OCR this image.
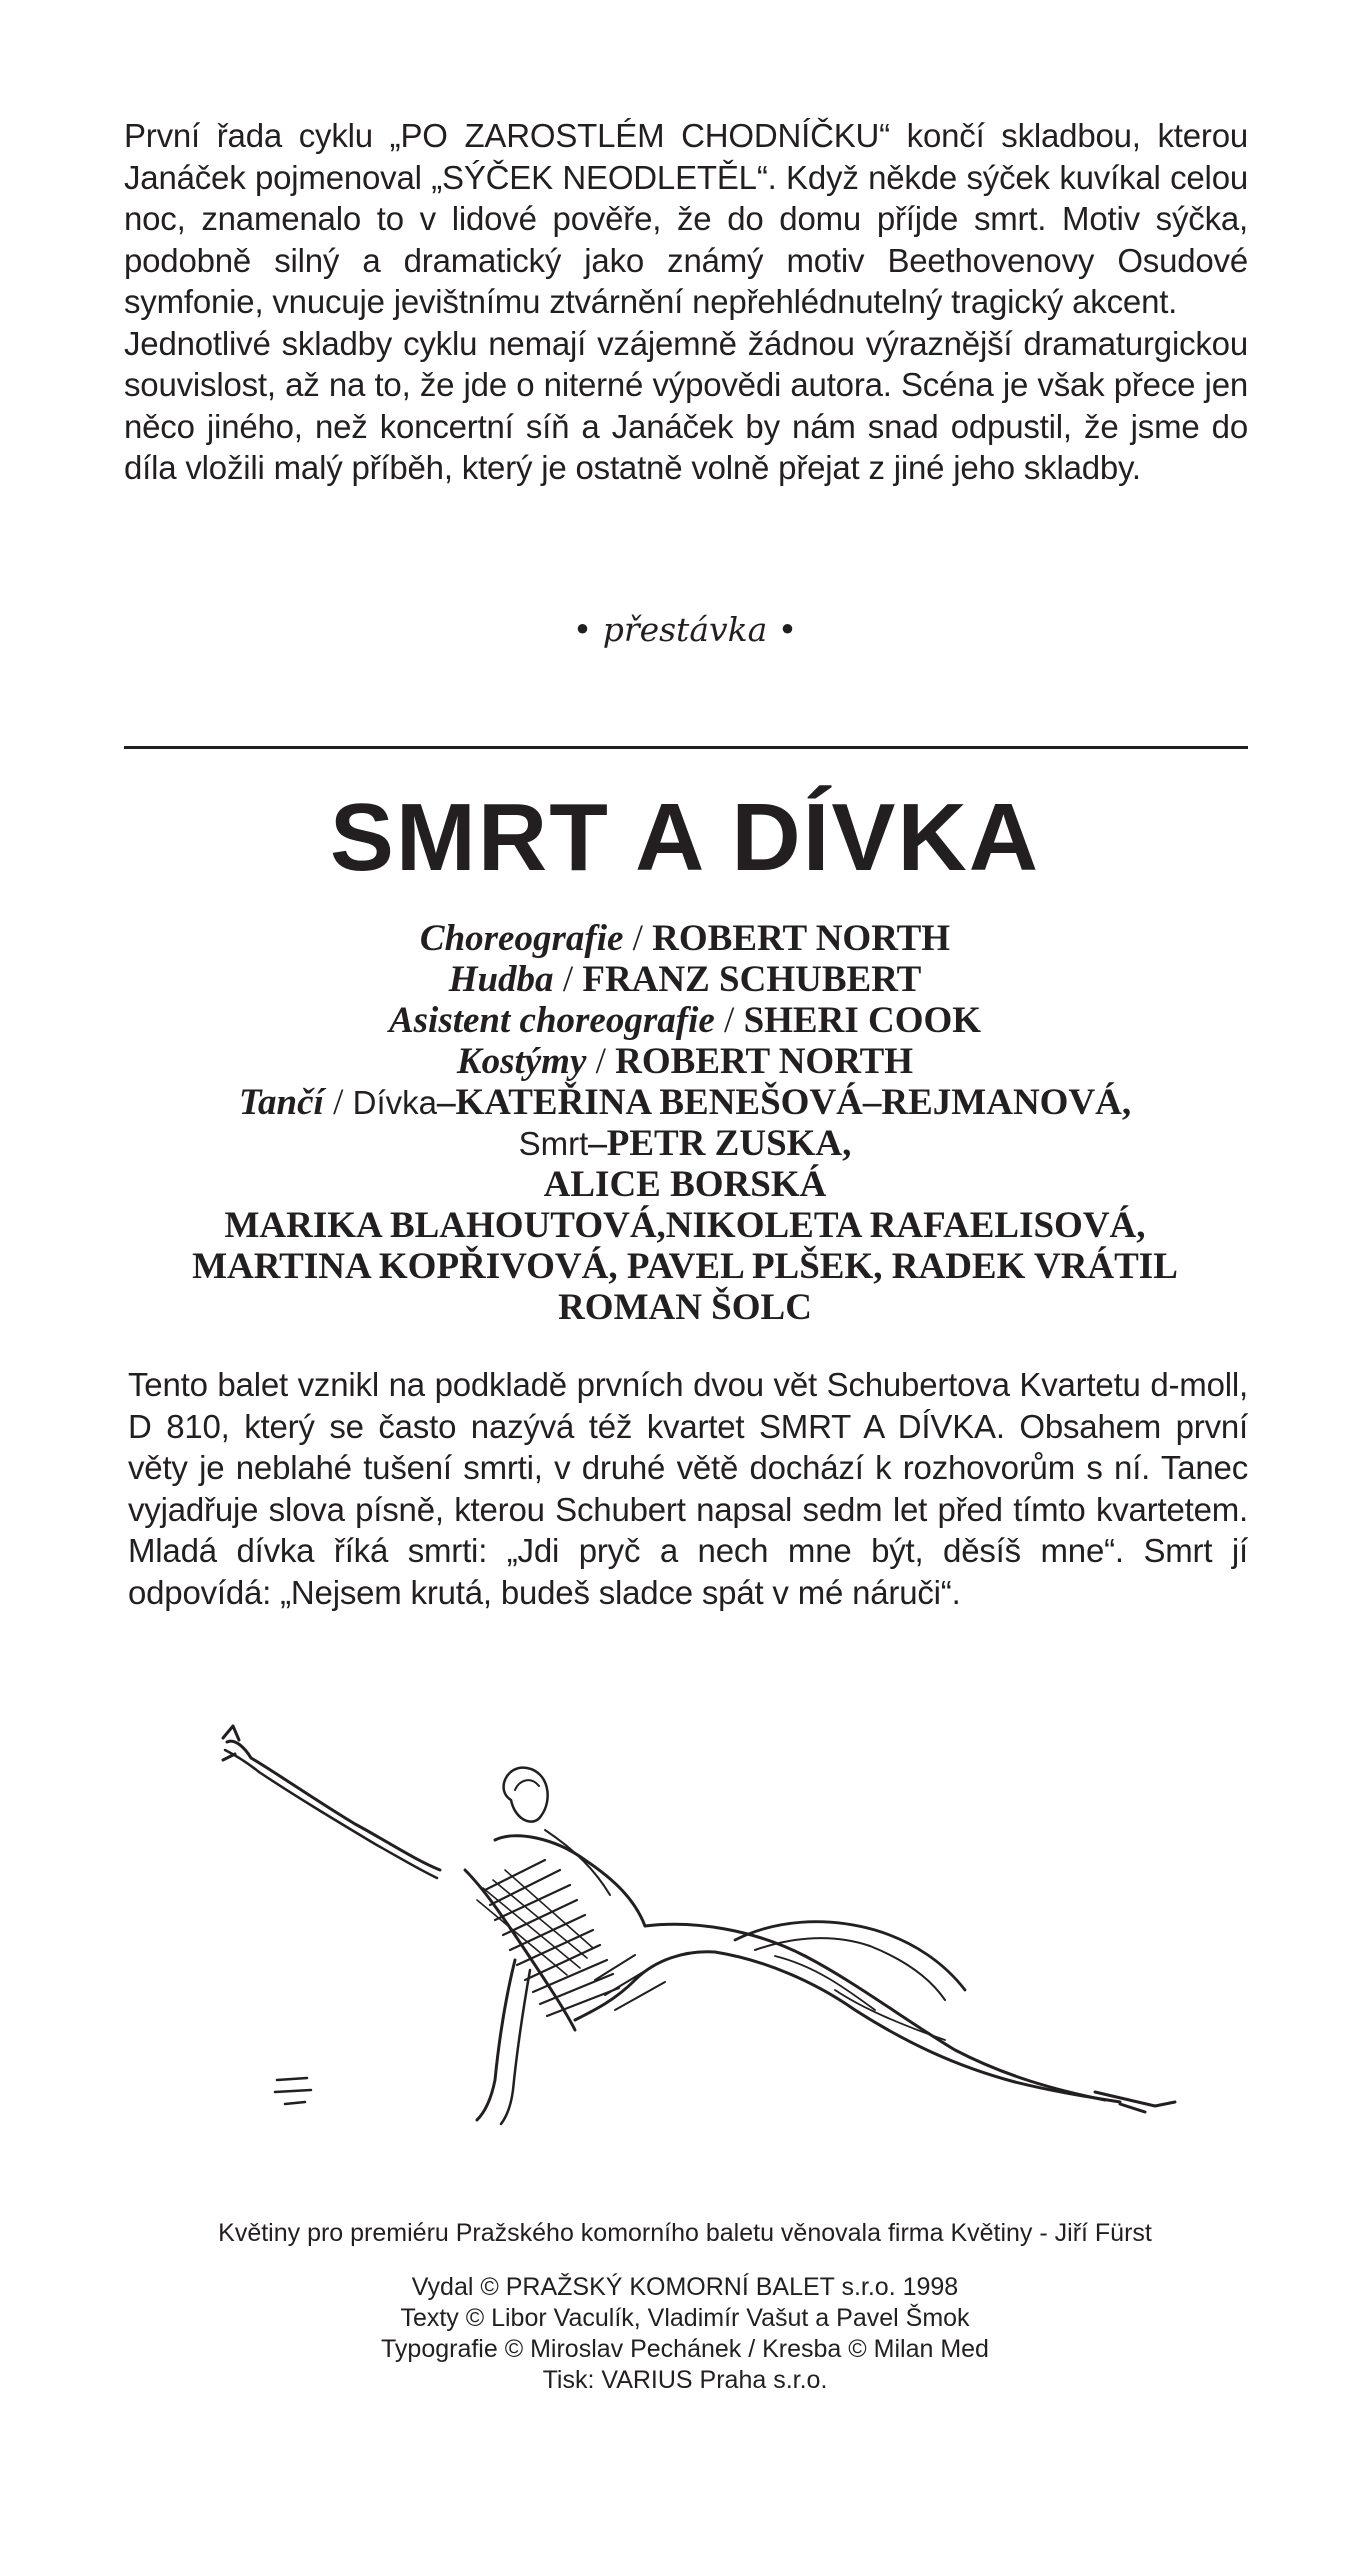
První řada cyklu „PO ZAROSTLÉM CHODNÍČKU“ končí skladbou, kterou Janáček pojmenoval „SÝČEK NEODLETĚL“. Když někde sýček kuvíkal celou noc, znamenalo to v lidové pověře, že do domu příjde smrt. Motiv sýčka, podobně silný a dramatický jako známý motiv Beethovenovy Osudové symfonie, vnucuje jevištnímu ztvárnění nepřehlédnutelný tragický akcent.

Jednotlivé skladby cyklu nemají vzájemně žádnou výraznější dramaturgickou souvislost, až na to, že jde o niterné výpovědi autora. Scéna je však přece jen něco jiného, než koncertní síň a Janáček by nám snad odpustil, že jsme do díla vložili malý příběh, který je ostatně volně přejat z jiné jeho skladby.

• přestávka •
SMRT A DÍVKA
Choreografie / ROBERT NORTH
Hudba / FRANZ SCHUBERT
Asistent choreografie / SHERI COOK
Kostýmy / ROBERT NORTH
Tančí / Dívka–KATEŘINA BENEŠOVÁ–REJMANOVÁ,
Smrt–PETR ZUSKA,
ALICE BORSKÁ
MARIKA BLAHOUTOVÁ,NIKOLETA RAFAELISOVÁ,
MARTINA KOPŘIVOVÁ, PAVEL PLŠEK, RADEK VRÁTIL
ROMAN ŠOLC
Tento balet vznikl na podkladě prvních dvou vět Schubertova Kvartetu d-moll, D 810, který se často nazývá též kvartet SMRT A DÍVKA. Obsahem první věty je neblahé tušení smrti, v druhé větě dochází k rozhovorům s ní. Tanec vyjadřuje slova písně, kterou Schubert napsal sedm let před tímto kvartetem. Mladá dívka říká smrti: „Jdi pryč a nech mne být, děsíš mne“. Smrt jí odpovídá: „Nejsem krutá, budeš sladce spát v mé náruči“.
Květiny pro premiéru Pražského komorního baletu věnovala firma Květiny - Jiří Fürst
Vydal © PRAŽSKÝ KOMORNÍ BALET s.r.o. 1998
Texty © Libor Vaculík, Vladimír Vašut a Pavel Šmok
Typografie © Miroslav Pechánek / Kresba © Milan Med
Tisk: VARIUS Praha s.r.o.
